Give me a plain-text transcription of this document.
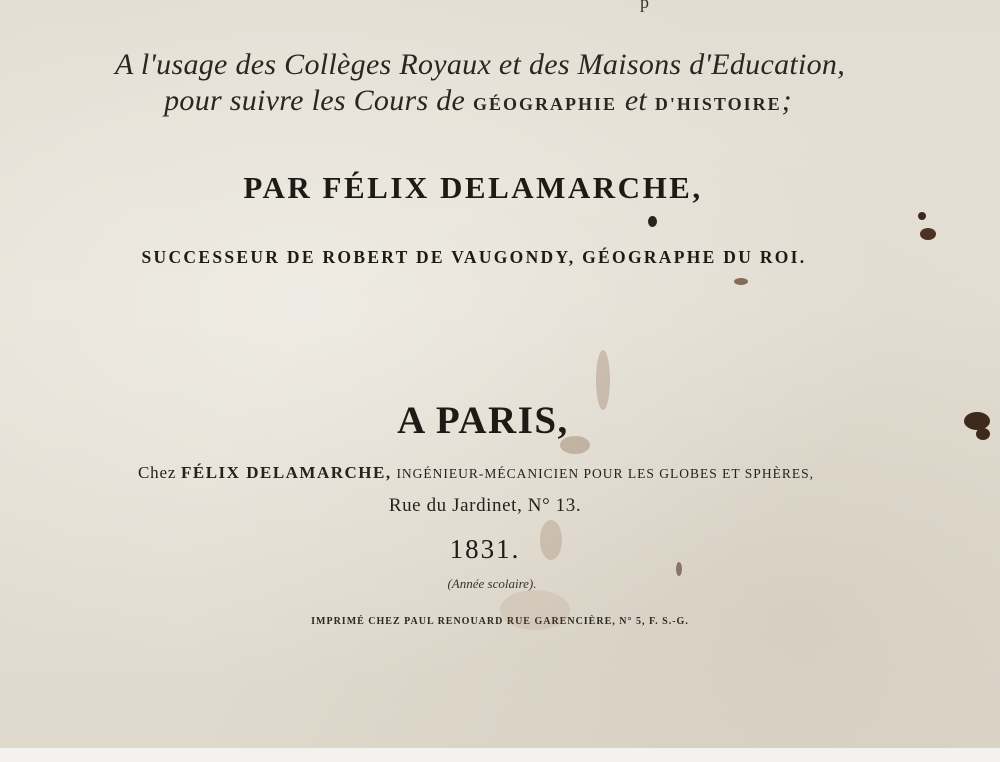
p
A l'usage des Collèges Royaux et des Maisons d'Education,
pour suivre les Cours de GÉOGRAPHIE et D'HISTOIRE;
PAR FÉLIX DELAMARCHE,
SUCCESSEUR DE ROBERT DE VAUGONDY, GÉOGRAPHE DU ROI.
A PARIS,
Chez FÉLIX DELAMARCHE, INGÉNIEUR-MÉCANICIEN POUR LES GLOBES ET SPHÈRES,
Rue du Jardinet, N° 13.
1831.
(Année scolaire).
IMPRIMÉ CHEZ PAUL RENOUARD RUE GARENCIÈRE, N° 5, F. S.-G.
